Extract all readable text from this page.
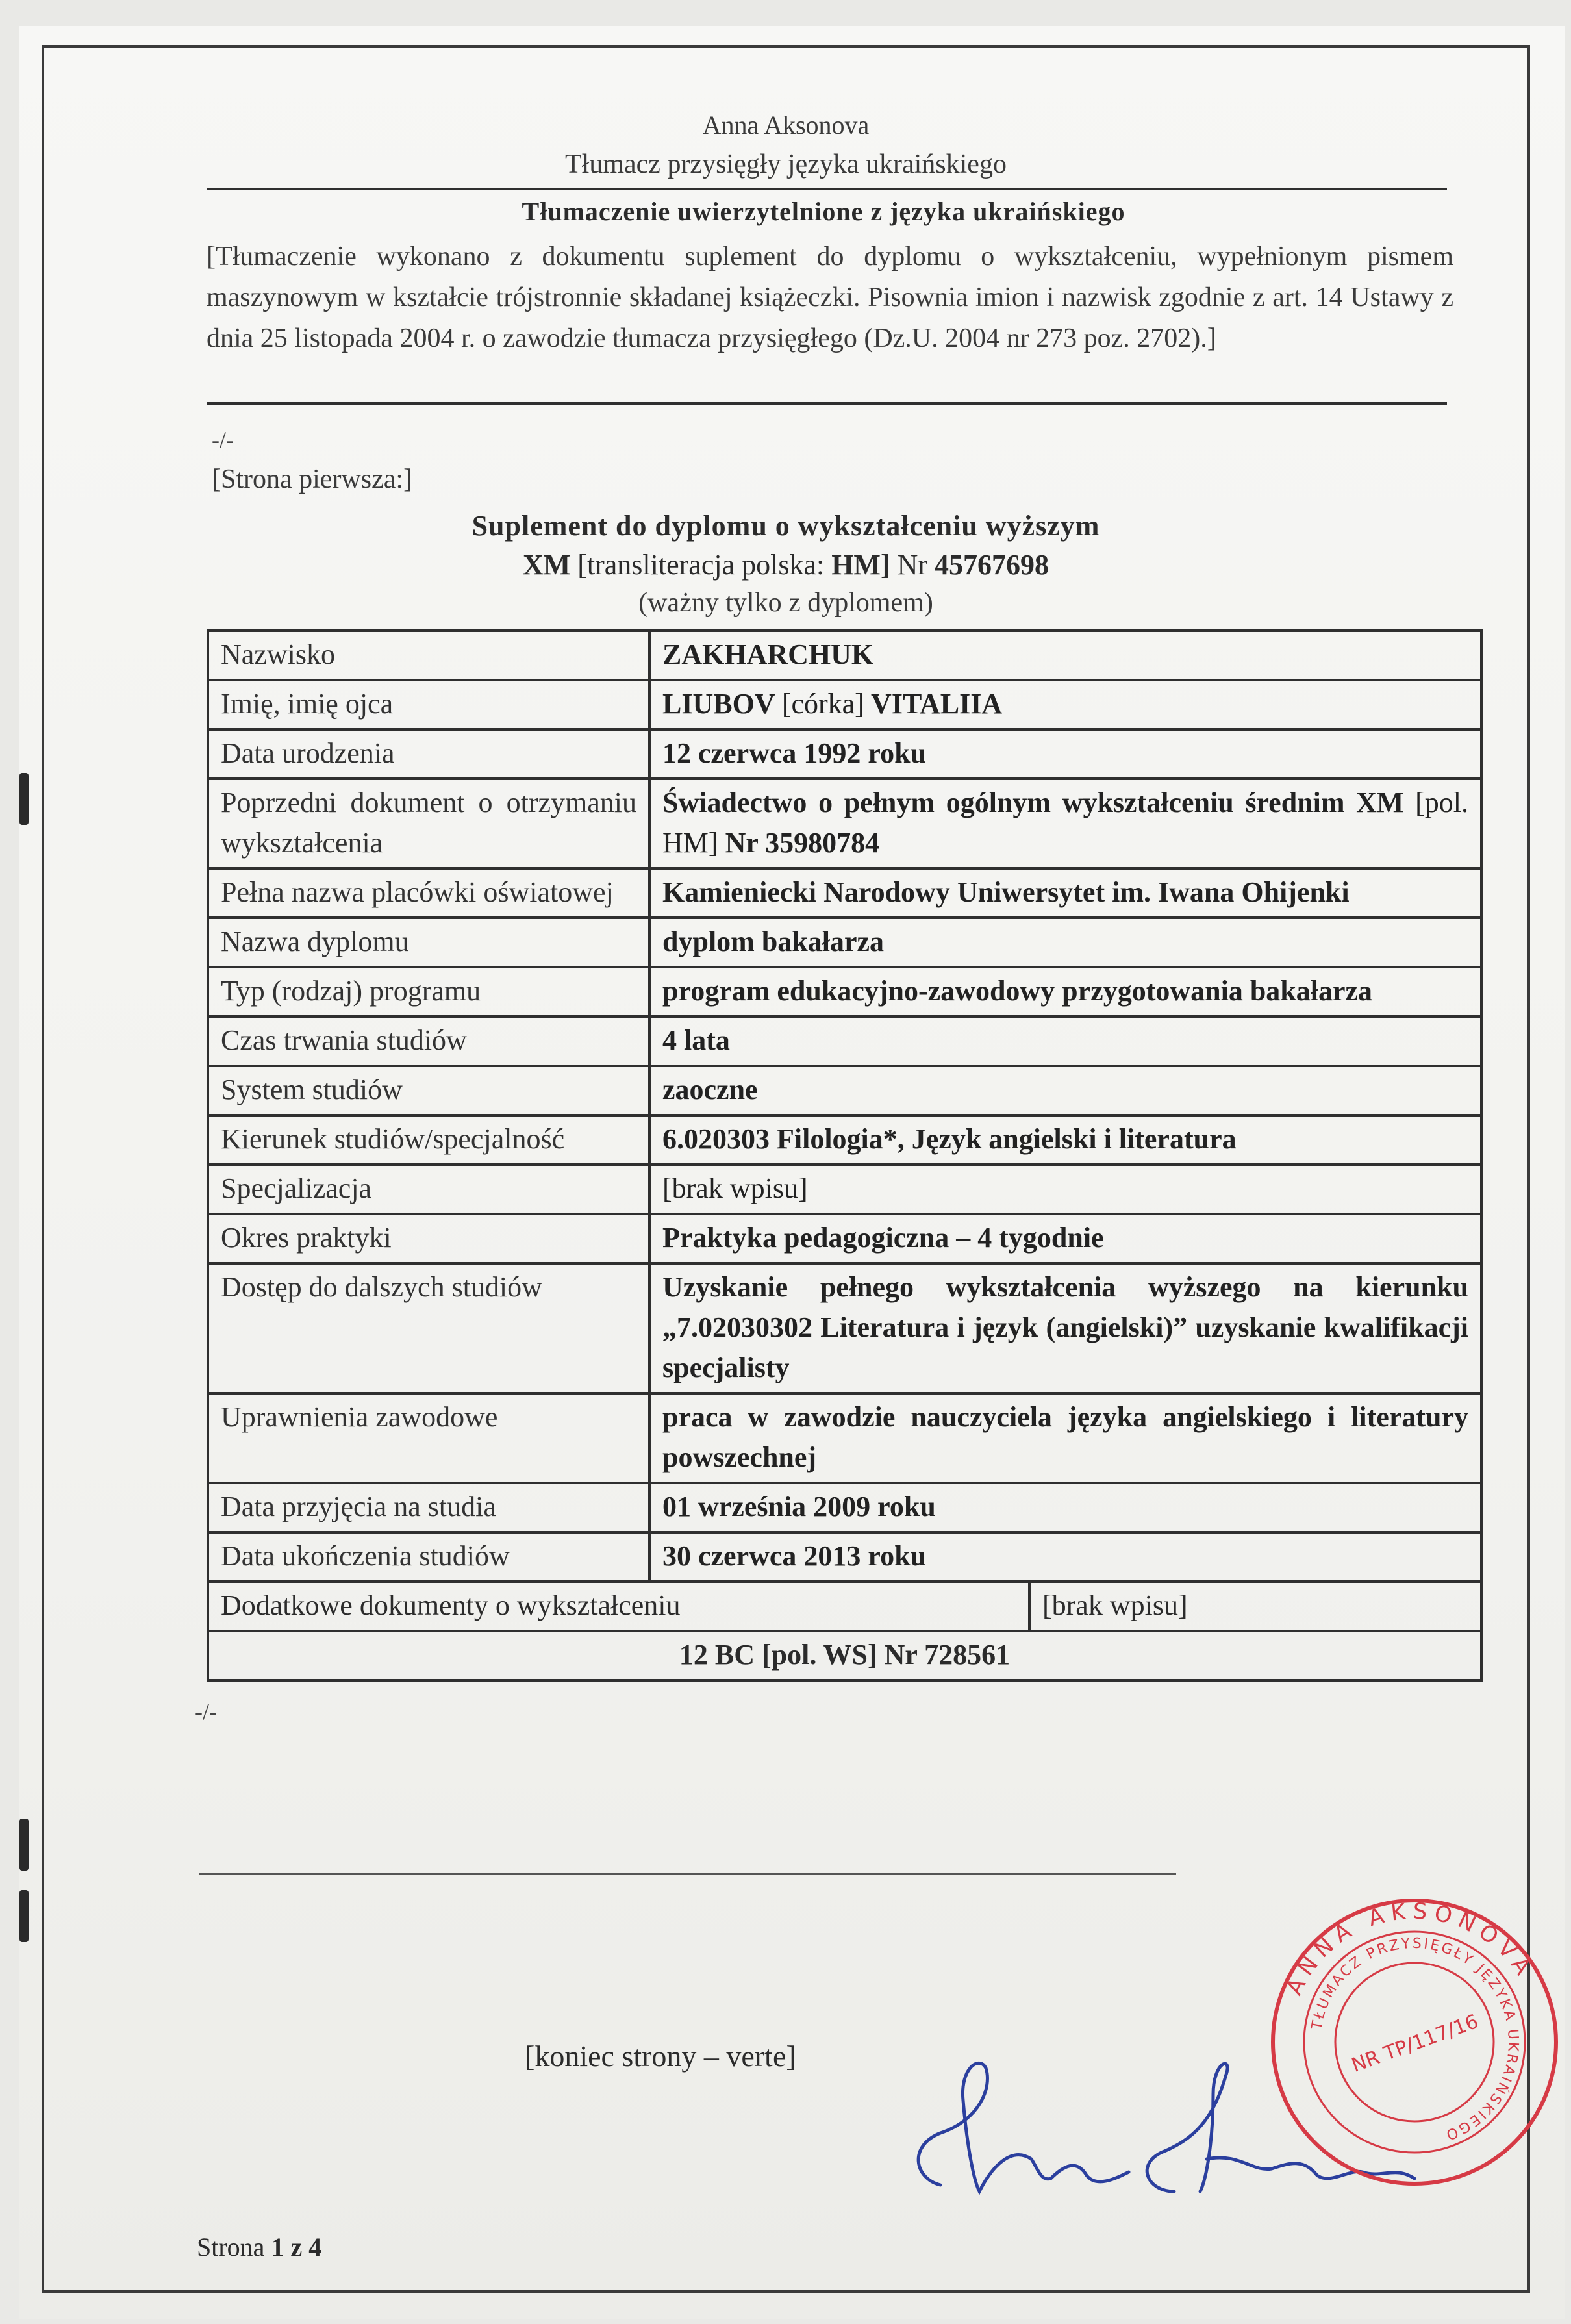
Anna Aksonova
Tłumacz przysięgły języka ukraińskiego
Tłumaczenie uwierzytelnione z języka ukraińskiego
[Tłumaczenie wykonano z dokumentu suplement do dyplomu o wykształceniu, wypełnionym pismem maszynowym w kształcie trójstronnie składanej książeczki. Pisownia imion i nazwisk zgodnie z art. 14 Ustawy z dnia 25 listopada 2004 r. o zawodzie tłumacza przysięgłego (Dz.U. 2004 nr 273 poz. 2702).]
-/-
[Strona pierwsza:]
Suplement do dyplomu o wykształceniu wyższym
XM [transliteracja polska: HM] Nr 45767698
(ważny tylko z dyplomem)
Nazwisko	ZAKHARCHUK
Imię, imię ojca	LIUBOV [córka] VITALIIA
Data urodzenia	12 czerwca 1992 roku
Poprzedni dokument o otrzymaniu wykształcenia	Świadectwo o pełnym ogólnym wykształceniu średnim XM [pol. HM] Nr 35980784
Pełna nazwa placówki oświatowej	Kamieniecki Narodowy Uniwersytet im. Iwana Ohijenki
Nazwa dyplomu	dyplom bakałarza
Typ (rodzaj) programu	program edukacyjno-zawodowy przygotowania bakałarza
Czas trwania studiów	4 lata
System studiów	zaoczne
Kierunek studiów/specjalność	6.020303 Filologia*, Język angielski i literatura
Specjalizacja	[brak wpisu]
Okres praktyki	Praktyka pedagogiczna – 4 tygodnie
Dostęp do dalszych studiów	Uzyskanie pełnego wykształcenia wyższego na kierunku „7.02030302 Literatura i język (angielski)” uzyskanie kwalifikacji specjalisty
Uprawnienia zawodowe	praca w zawodzie nauczyciela języka angielskiego i literatury powszechnej
Data przyjęcia na studia	01 września 2009 roku
Data ukończenia studiów	30 czerwca 2013 roku

Dodatkowe dokumenty o wykształceniu [brak wpisu]	

12 BC [pol. WS] Nr 728561	
-/-
[koniec strony – verte]
ANNA AKSONOVA
TŁUMACZ PRZYSIĘGŁY JĘZYKA UKRAIŃSKIEGO
NR TP/117/16
Strona 1 z 4
